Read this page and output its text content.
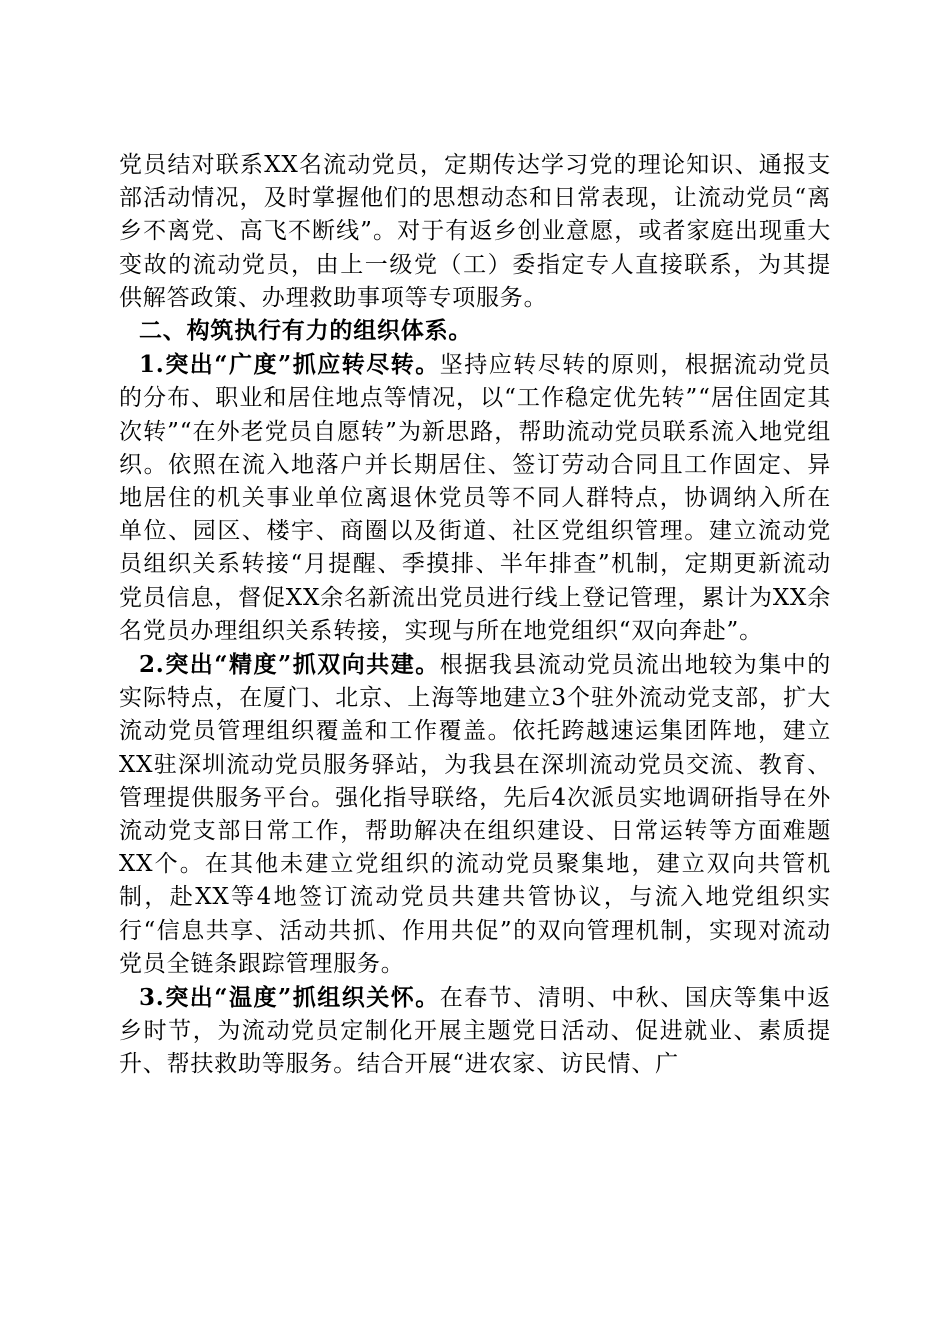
党员结对联系XX名流动党员，定期传达学习党的理论知识、通报支部活动情况，及时掌握他们的思想动态和日常表现，让流动党员“离乡不离党、高飞不断线”。对于有返乡创业意愿，或者家庭出现重大变故的流动党员，由上一级党（工）委指定专人直接联系，为其提供解答政策、办理救助事项等专项服务。

二、构筑执行有力的组织体系。

1.突出“广度”抓应转尽转。坚持应转尽转的原则，根据流动党员的分布、职业和居住地点等情况，以“工作稳定优先转”“居住固定其次转”“在外老党员自愿转”为新思路，帮助流动党员联系流入地党组织。依照在流入地落户并长期居住、签订劳动合同且工作固定、异地居住的机关事业单位离退休党员等不同人群特点，协调纳入所在单位、园区、楼宇、商圈以及街道、社区党组织管理。建立流动党员组织关系转接“月提醒、季摸排、半年排查”机制，定期更新流动党员信息，督促XX余名新流出党员进行线上登记管理，累计为XX余名党员办理组织关系转接，实现与所在地党组织“双向奔赴”。

2.突出“精度”抓双向共建。根据我县流动党员流出地较为集中的实际特点，在厦门、北京、上海等地建立3个驻外流动党支部，扩大流动党员管理组织覆盖和工作覆盖。依托跨越速运集团阵地，建立XX驻深圳流动党员服务驿站，为我县在深圳流动党员交流、教育、管理提供服务平台。强化指导联络，先后4次派员实地调研指导在外流动党支部日常工作，帮助解决在组织建设、日常运转等方面难题XX个。在其他未建立党组织的流动党员聚集地，建立双向共管机制，赴XX等4地签订流动党员共建共管协议，与流入地党组织实行“信息共享、活动共抓、作用共促”的双向管理机制，实现对流动党员全链条跟踪管理服务。

3.突出“温度”抓组织关怀。在春节、清明、中秋、国庆等集中返乡时节，为流动党员定制化开展主题党日活动、促进就业、素质提升、帮扶救助等服务。结合开展“进农家、访民情、广
